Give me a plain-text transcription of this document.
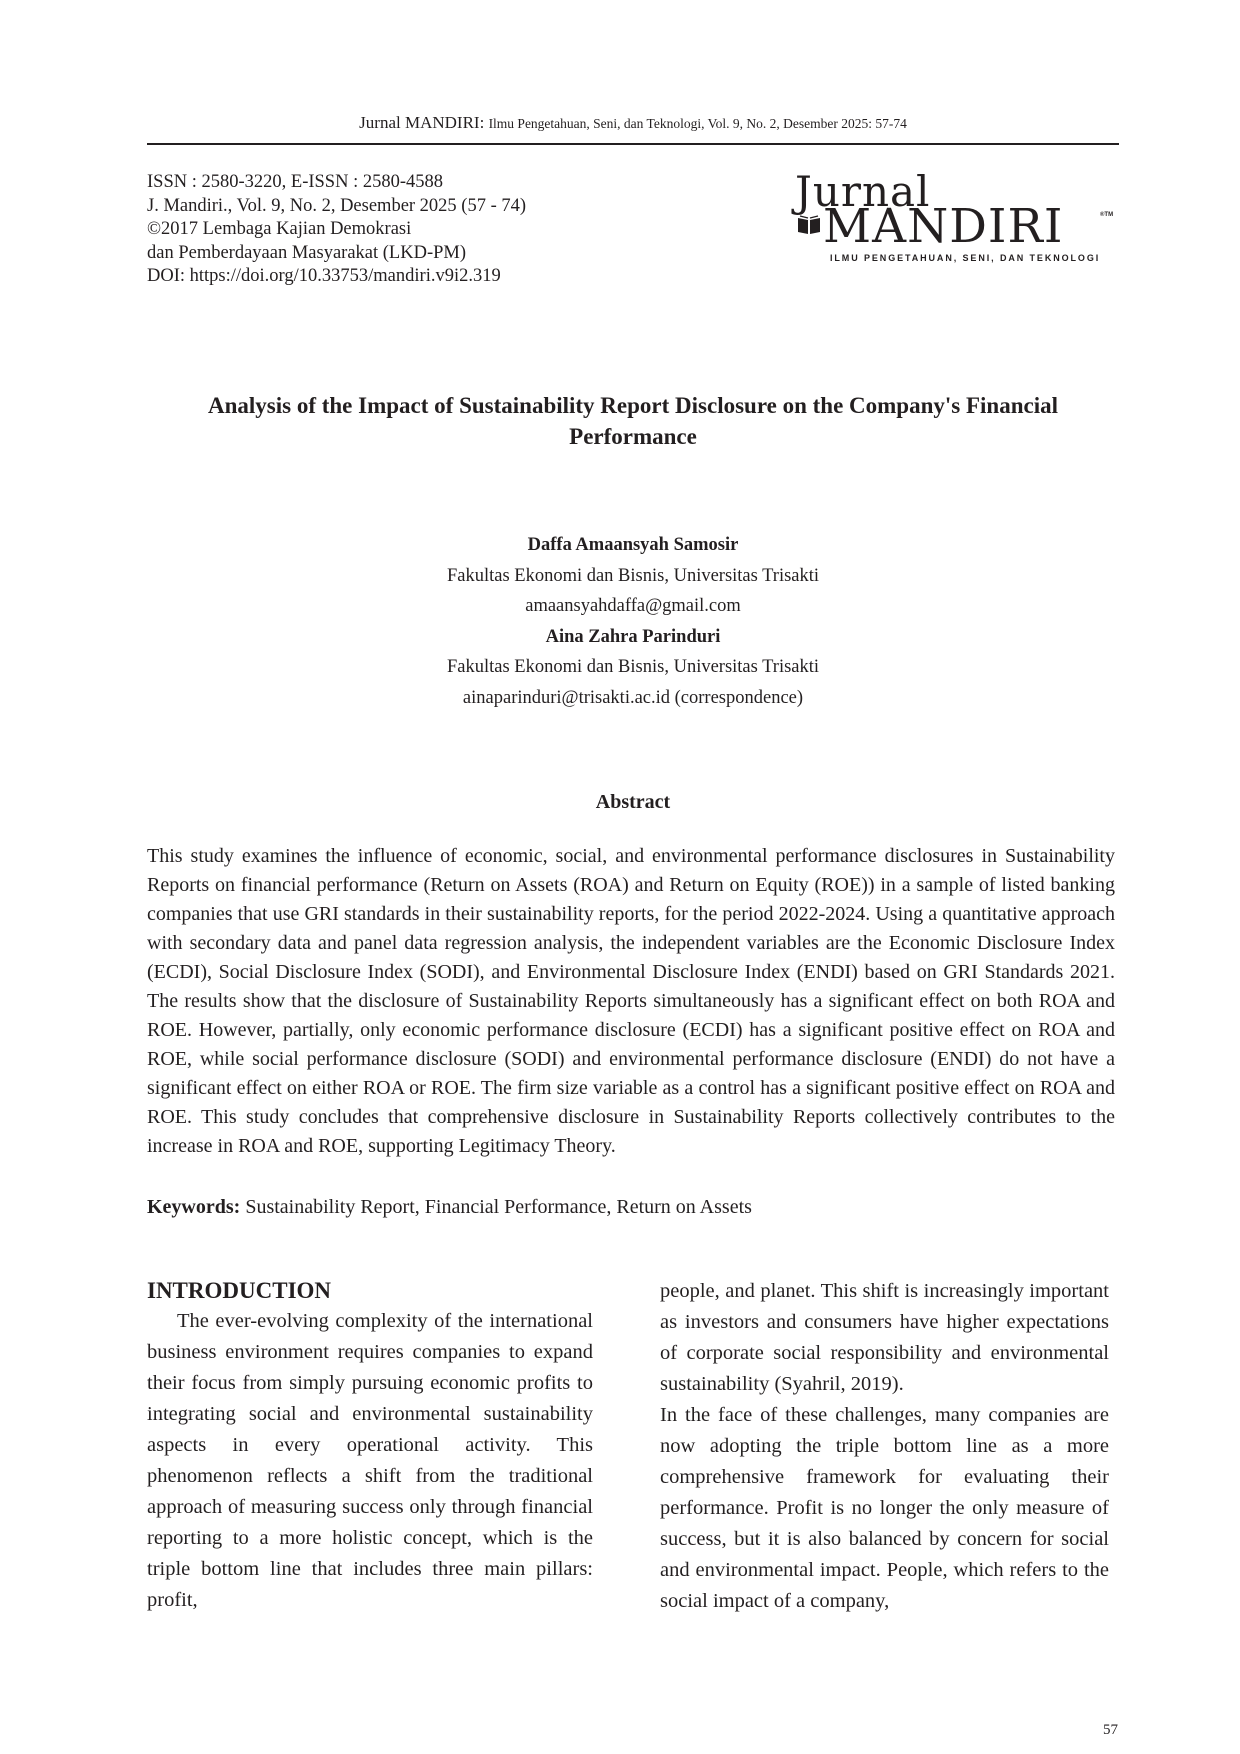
Jurnal MANDIRI: Ilmu Pengetahuan, Seni, dan Teknologi, Vol. 9, No. 2, Desember 2025: 57-74
ISSN : 2580-3220, E-ISSN : 2580-4588
J. Mandiri., Vol. 9, No. 2, Desember 2025 (57 - 74)
©2017 Lembaga Kajian Demokrasi
dan Pemberdayaan Masyarakat (LKD-PM)
DOI: https://doi.org/10.33753/mandiri.v9i2.319
Jurnal
MANDIRI	®TM
ILMU PENGETAHUAN, SENI, DAN TEKNOLOGI
Analysis of the Impact of Sustainability Report Disclosure on the Company's Financial Performance
Daffa Amaansyah Samosir
Fakultas Ekonomi dan Bisnis, Universitas Trisakti
amaansyahdaffa@gmail.com
Aina Zahra Parinduri
Fakultas Ekonomi dan Bisnis, Universitas Trisakti
ainaparinduri@trisakti.ac.id (correspondence)
Abstract
This study examines the influence of economic, social, and environmental performance disclosures in Sustainability Reports on financial performance (Return on Assets (ROA) and Return on Equity (ROE)) in a sample of listed banking companies that use GRI standards in their sustainability reports, for the period 2022-2024. Using a quantitative approach with secondary data and panel data regression analysis, the independent variables are the Economic Disclosure Index (ECDI), Social Disclosure Index (SODI), and Environmental Disclosure Index (ENDI) based on GRI Standards 2021. The results show that the disclosure of Sustainability Reports simultaneously has a significant effect on both ROA and ROE. However, partially, only economic performance disclosure (ECDI) has a significant positive effect on ROA and ROE, while social performance disclosure (SODI) and environmental performance disclosure (ENDI) do not have a significant effect on either ROA or ROE. The firm size variable as a control has a significant positive effect on ROA and ROE. This study concludes that comprehensive disclosure in Sustainability Reports collectively contributes to the increase in ROA and ROE, supporting Legitimacy Theory.
Keywords: Sustainability Report, Financial Performance, Return on Assets
INTRODUCTION

The ever-evolving complexity of the international business environment requires companies to expand their focus from simply pursuing economic profits to integrating social and environmental sustainability aspects in every operational activity. This phenomenon reflects a shift from the traditional approach of measuring success only through financial reporting to a more holistic concept, which is the triple bottom line that includes three main pillars: profit,

people, and planet. This shift is increasingly important as investors and consumers have higher expectations of corporate social responsibility and environmental sustainability (Syahril, 2019).

In the face of these challenges, many companies are now adopting the triple bottom line as a more comprehensive framework for evaluating their performance. Profit is no longer the only measure of success, but it is also balanced by concern for social and environmental impact. People, which refers to the social impact of a company,

57
